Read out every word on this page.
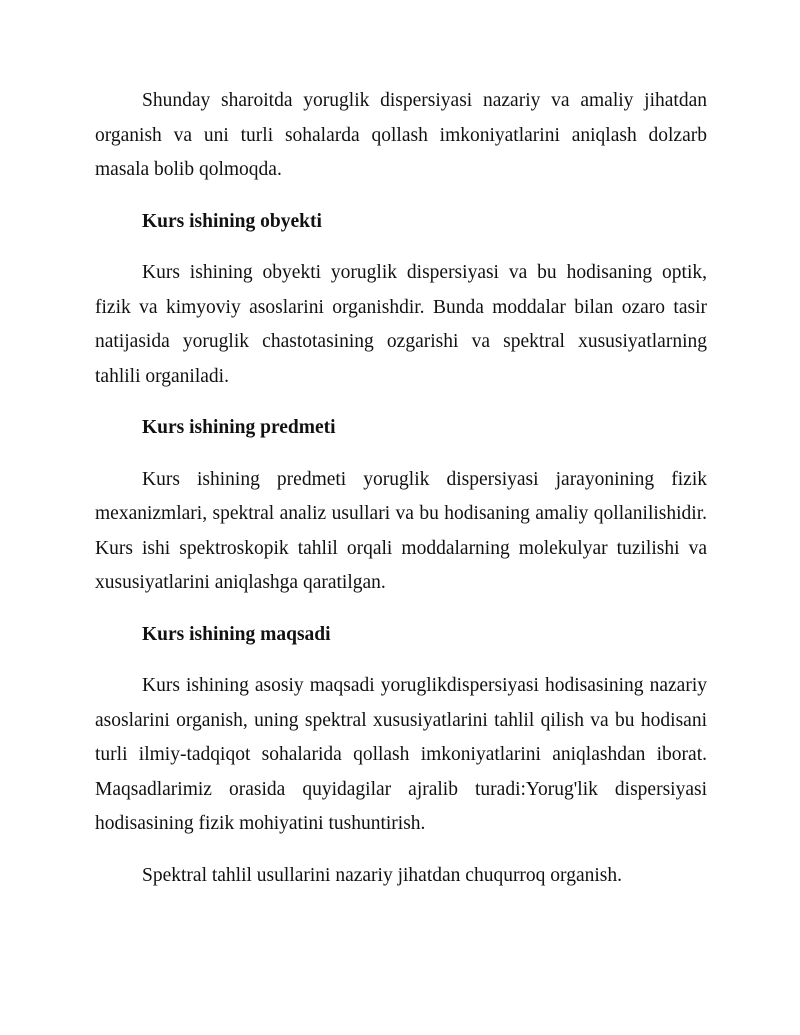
Shunday sharoitda yoruglik dispersiyasi nazariy va amaliy jihatdan organish va uni turli sohalarda qollash imkoniyatlarini aniqlash dolzarb masala bolib qolmoqda.

Kurs ishining obyekti

Kurs ishining obyekti yoruglik dispersiyasi va bu hodisaning optik, fizik va kimyoviy asoslarini organishdir. Bunda moddalar bilan ozaro tasir natijasida yoruglik chastotasining ozgarishi va spektral xususiyatlarning tahlili organiladi.

Kurs ishining predmeti

Kurs ishining predmeti yoruglik dispersiyasi jarayonining fizik mexanizmlari, spektral analiz usullari va bu hodisaning amaliy qollanilishidir. Kurs ishi spektroskopik tahlil orqali moddalarning molekulyar tuzilishi va xususiyatlarini aniqlashga qaratilgan.

Kurs ishining maqsadi

Kurs ishining asosiy maqsadi yoruglikdispersiyasi hodisasining nazariy asoslarini organish, uning spektral xususiyatlarini tahlil qilish va bu hodisani turli ilmiy-tadqiqot sohalarida qollash imkoniyatlarini aniqlashdan iborat. Maqsadlarimiz orasida quyidagilar ajralib turadi:Yorug'lik dispersiyasi hodisasining fizik mohiyatini tushuntirish.

Spektral tahlil usullarini nazariy jihatdan chuqurroq organish.
